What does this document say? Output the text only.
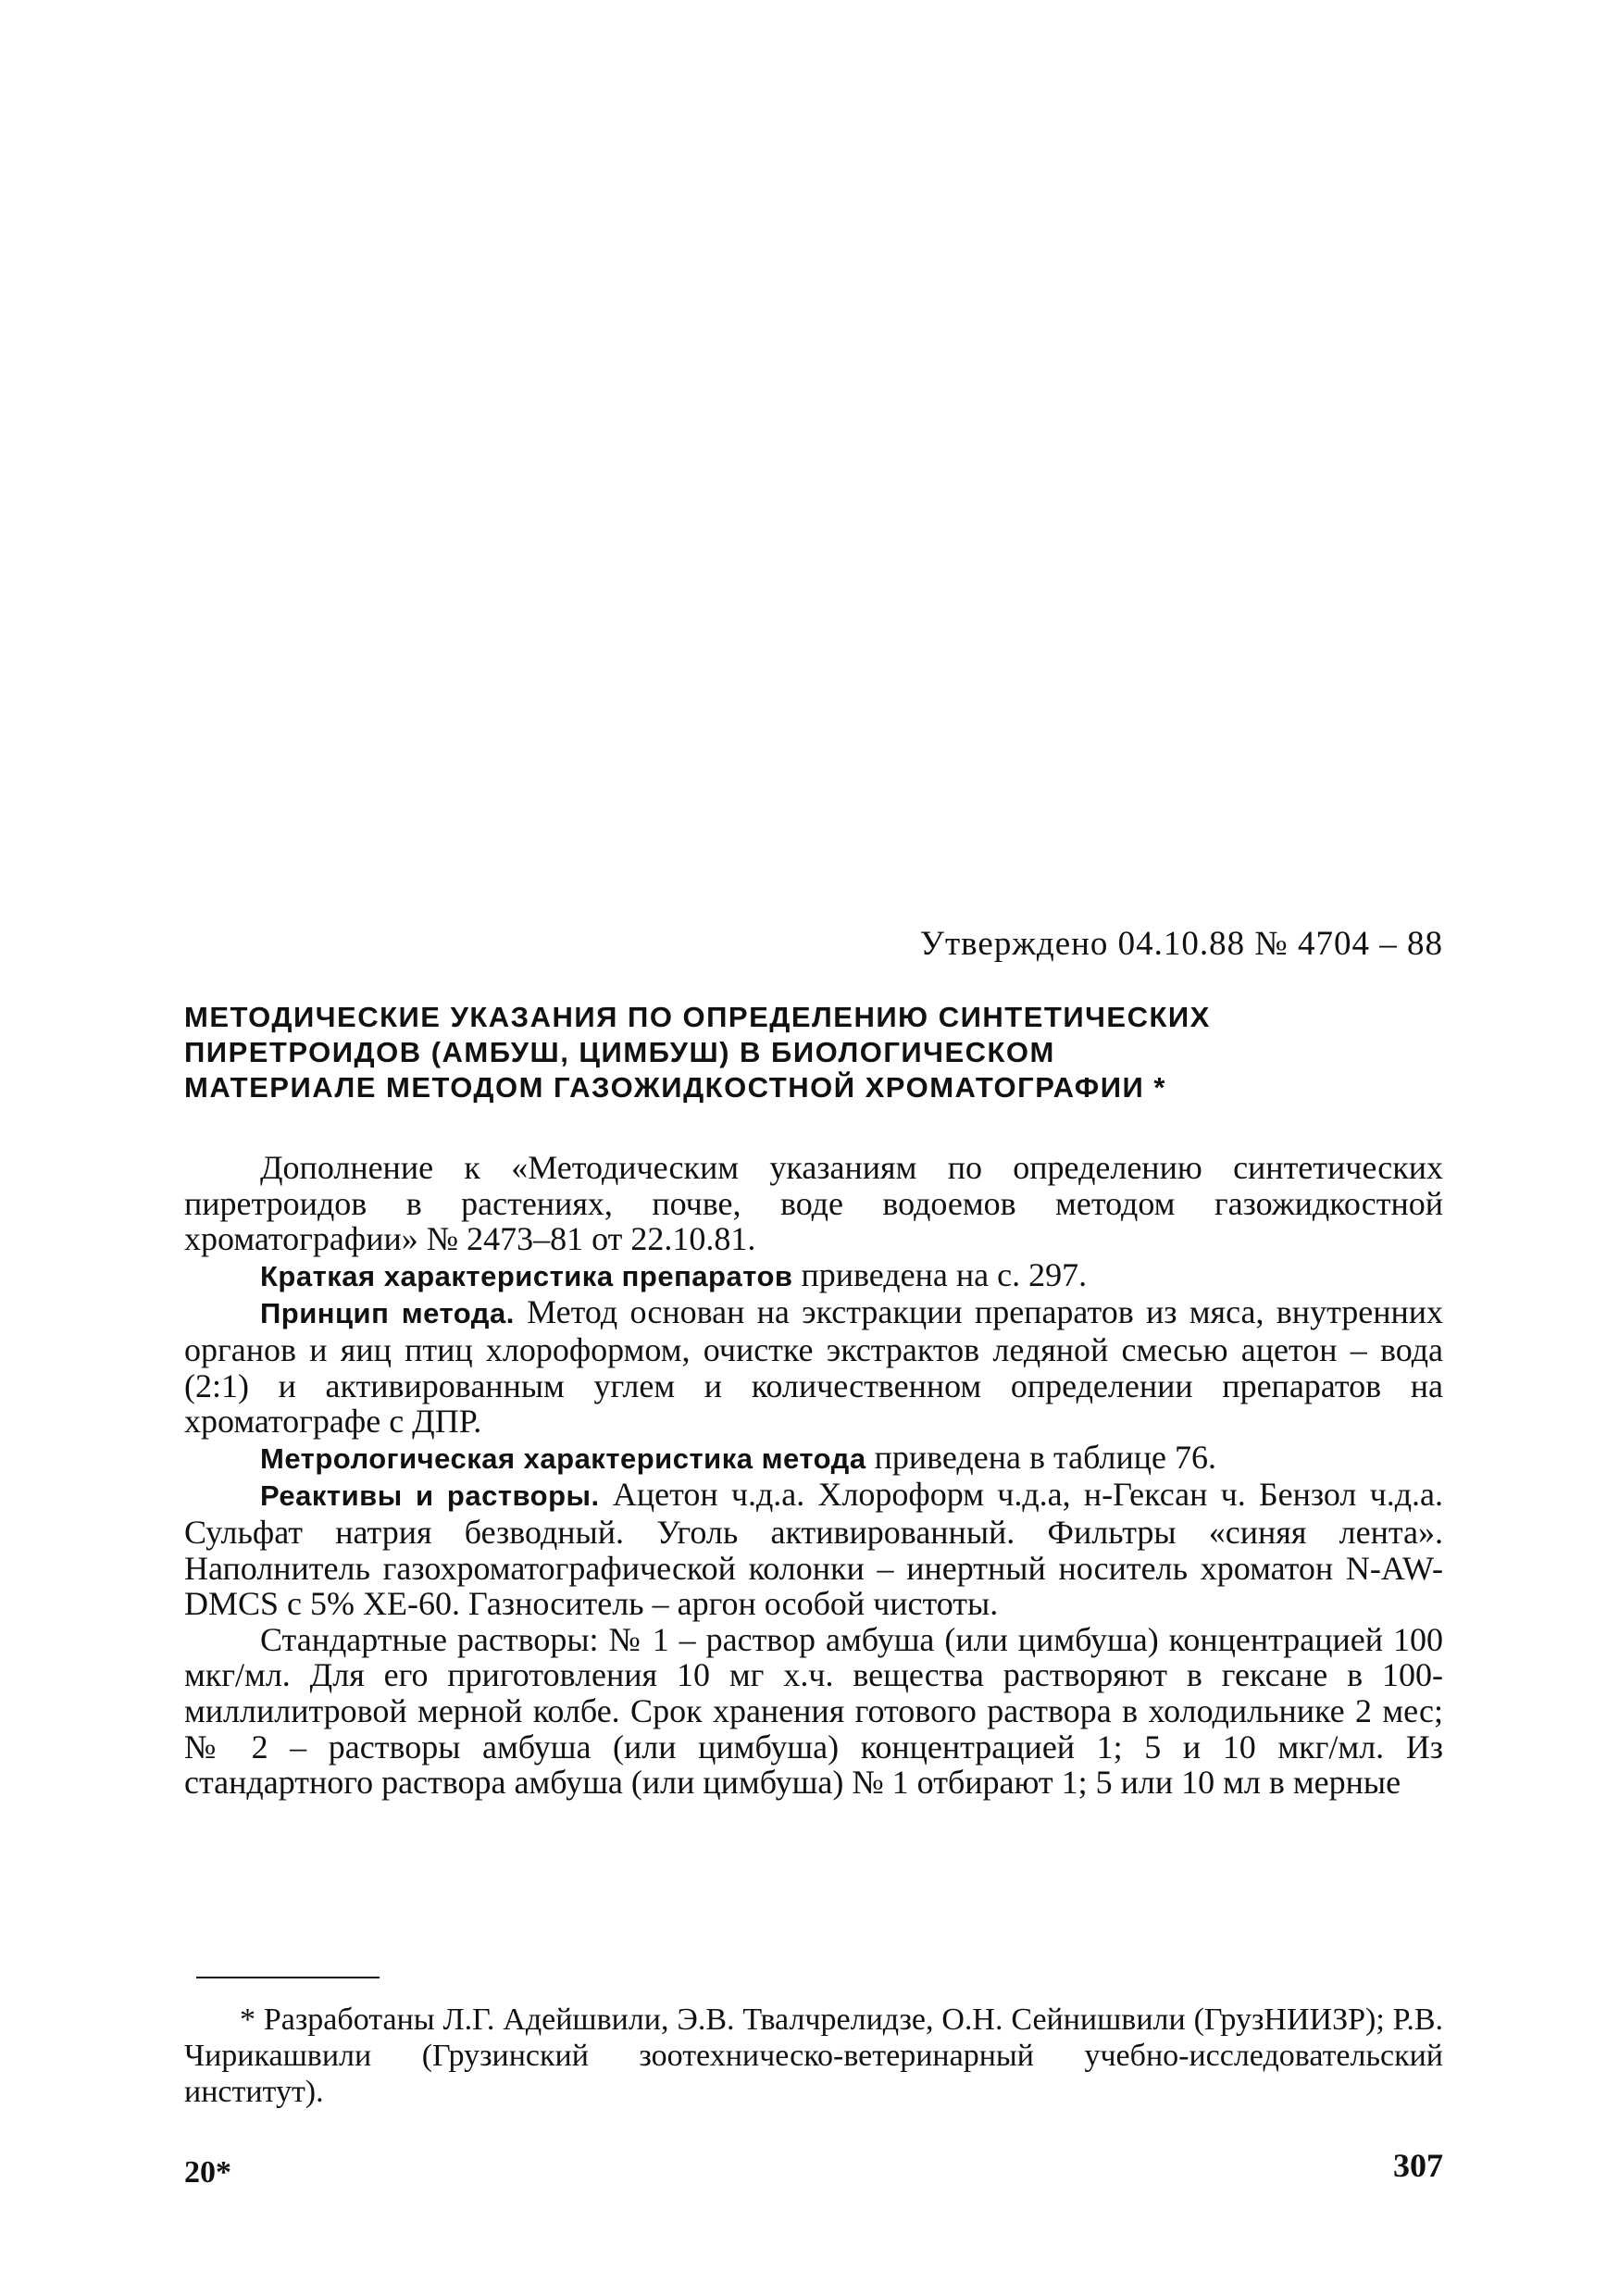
Утверждено 04.10.88 № 4704 – 88
МЕТОДИЧЕСКИЕ УКАЗАНИЯ ПО ОПРЕДЕЛЕНИЮ СИНТЕТИЧЕСКИХ
ПИРЕТРОИДОВ (АМБУШ, ЦИМБУШ) В БИОЛОГИЧЕСКОМ
МАТЕРИАЛЕ МЕТОДОМ ГАЗОЖИДКОСТНОЙ ХРОМАТОГРАФИИ *

Дополнение к «Методическим указаниям по определению синтетических пиретроидов в растениях, почве, воде водоемов методом газожидкостной хроматографии» № 2473–81 от 22.10.81.

Краткая характеристика препаратов приведена на с. 297.

Принцип метода. Метод основан на экстракции препаратов из мяса, внутренних органов и яиц птиц хлороформом, очистке экстрактов ледяной смесью ацетон – вода (2:1) и активированным углем и количественном определении препаратов на хроматографе с ДПР.

Метрологическая характеристика метода приведена в таблице 76.

Реактивы и растворы. Ацетон ч.д.а. Хлороформ ч.д.а, н-Гексан ч. Бензол ч.д.а. Сульфат натрия безводный. Уголь активированный. Фильтры «синяя лента». Наполнитель газохроматографической колонки – инертный носитель хроматон N-AW-DMCS с 5% XE-60. Газноситель – аргон особой чистоты.

Стандартные растворы: № 1 – раствор амбуша (или цимбуша) концентрацией 100 мкг/мл. Для его приготовления 10 мг х.ч. вещества растворяют в гексане в 100-миллилитровой мерной колбе. Срок хранения готового раствора в холодильнике 2 мес; № 2 – растворы амбуша (или цимбуша) концентрацией 1; 5 и 10 мкг/мл. Из стандартного раствора амбуша (или цимбуша) № 1 отбирают 1; 5 или 10 мл в мерные

* Разработаны Л.Г. Адейшвили, Э.В. Твалчрелидзе, О.Н. Сейнишвили (ГрузНИИЗР); Р.В. Чирикашвили (Грузинский зоотехническо-ветеринарный учебно-исследовательский институт).

20*	307
